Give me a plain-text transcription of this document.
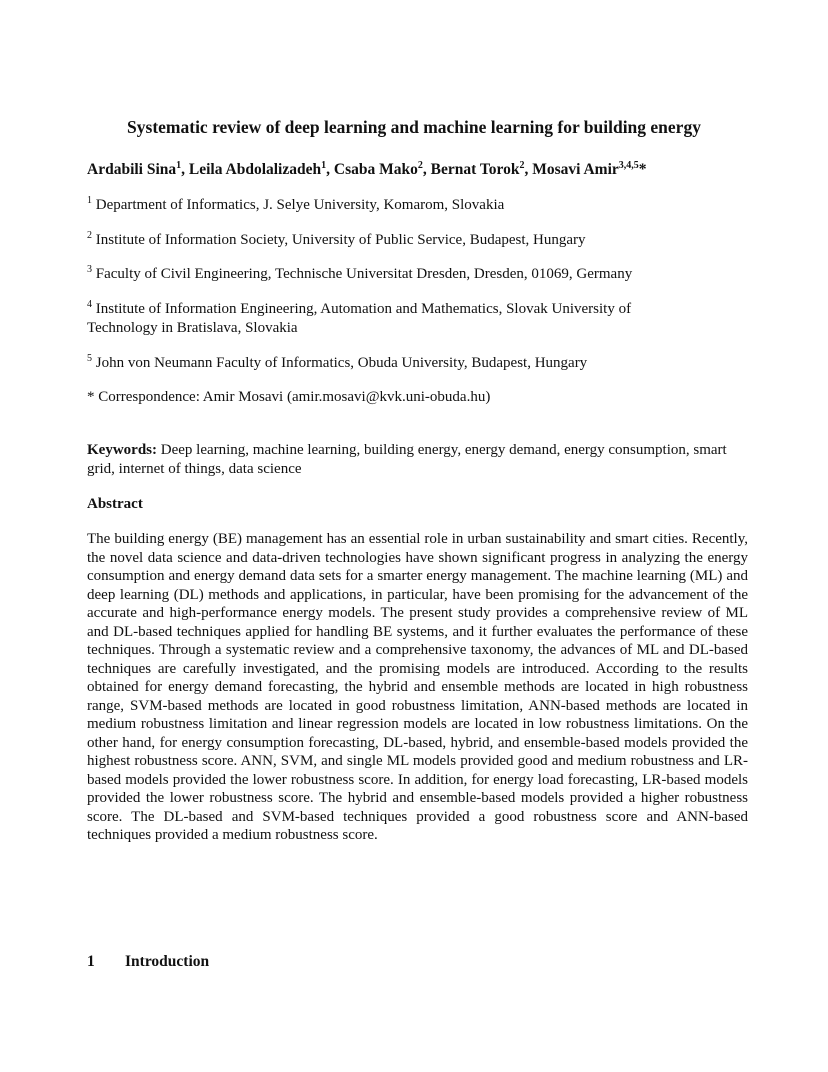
Systematic review of deep learning and machine learning for building energy

Ardabili Sina$^1$, Leila Abdolalizadeh$^1$, Csaba Mako$^2$, Bernat Torok$^2$, Mosavi Amir$^{3,4,5}$*

$^1$ Department of Informatics, J. Selye University, Komarom, Slovakia

$^2$ Institute of Information Society, University of Public Service, Budapest, Hungary

$^3$ Faculty of Civil Engineering, Technische Universitat Dresden, Dresden, 01069, Germany

$^4$ Institute of Information Engineering, Automation and Mathematics, Slovak University of Technology in Bratislava, Slovakia

$^5$ John von Neumann Faculty of Informatics, Obuda University, Budapest, Hungary

* Correspondence: Amir Mosavi (amir.mosavi@kvk.uni-obuda.hu)

Keywords: Deep learning, machine learning, building energy, energy demand, energy consumption, smart grid, internet of things, data science

Abstract

The building energy (BE) management has an essential role in urban sustainability and smart cities. Recently, the novel data science and data-driven technologies have shown significant progress in analyzing the energy consumption and energy demand data sets for a smarter energy management. The machine learning (ML) and deep learning (DL) methods and applications, in particular, have been promising for the advancement of the accurate and high-performance energy models. The present study provides a comprehensive review of ML and DL-based techniques applied for handling BE systems, and it further evaluates the performance of these techniques. Through a systematic review and a comprehensive taxonomy, the advances of ML and DL-based techniques are carefully investigated, and the promising models are introduced. According to the results obtained for energy demand forecasting, the hybrid and ensemble methods are located in high robustness range, SVM-based methods are located in good robustness limitation, ANN-based methods are located in medium robustness limitation and linear regression models are located in low robustness limitations. On the other hand, for energy consumption forecasting, DL-based, hybrid, and ensemble-based models provided the highest robustness score. ANN, SVM, and single ML models provided good and medium robustness and LR-based models provided the lower robustness score. In addition, for energy load forecasting, LR-based models provided the lower robustness score. The hybrid and ensemble-based models provided a higher robustness score. The DL-based and SVM-based techniques provided a good robustness score and ANN-based techniques provided a medium robustness score.

1 Introduction
